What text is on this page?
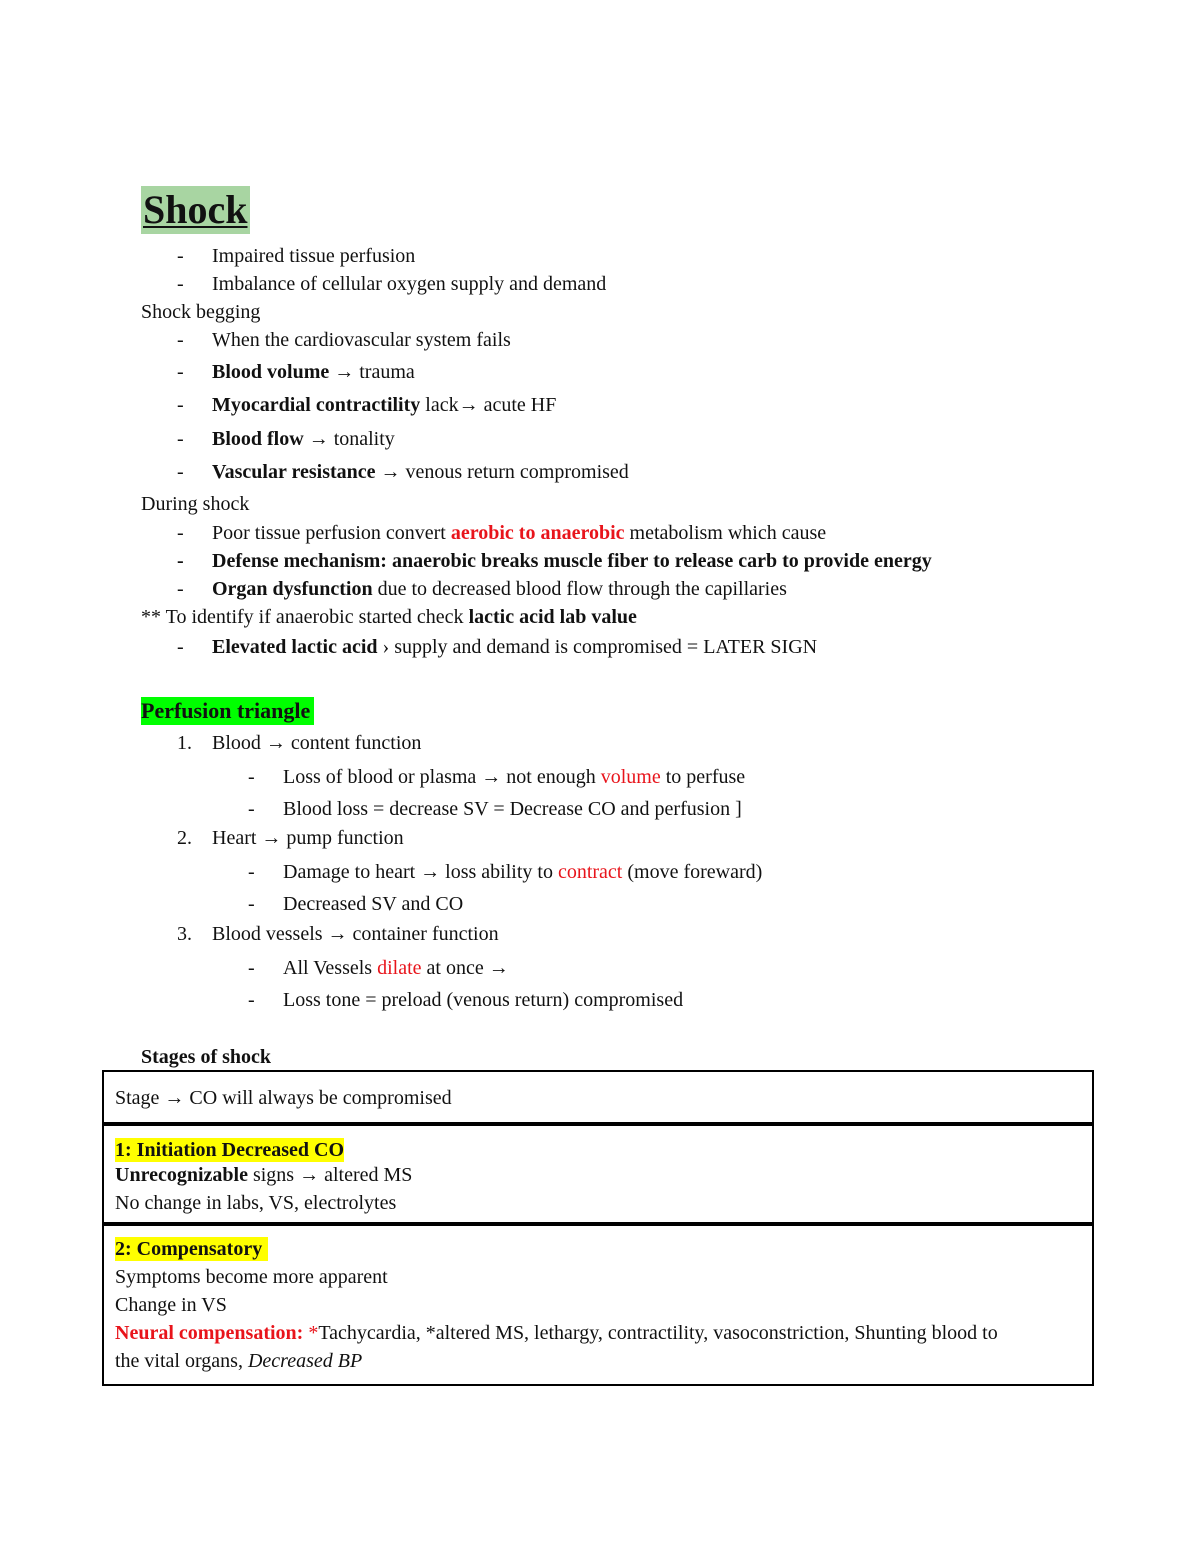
Shock
- Impaired tissue perfusion
- Imbalance of cellular oxygen supply and demand
Shock begging
- When the cardiovascular system fails
- Blood volume → trauma
- Myocardial contractility lack→ acute HF
- Blood flow → tonality
- Vascular resistance → venous return compromised
During shock
- Poor tissue perfusion convert aerobic to anaerobic metabolism which cause
- Defense mechanism: anaerobic breaks muscle fiber to release carb to provide energy
- Organ dysfunction due to decreased blood flow through the capillaries
** To identify if anaerobic started check lactic acid lab value
- Elevated lactic acid › supply and demand is compromised = LATER SIGN
Perfusion triangle
1. Blood → content function
- Loss of blood or plasma → not enough volume to perfuse
- Blood loss = decrease SV = Decrease CO and perfusion ]
2. Heart → pump function
- Damage to heart → loss ability to contract (move foreward)
- Decreased SV and CO
3. Blood vessels → container function
- All Vessels dilate at once →
- Loss tone = preload (venous return) compromised
Stages of shock
Stage → CO will always be compromised
1: Initiation Decreased CO
Unrecognizable signs → altered MS
No change in labs, VS, electrolytes
2: Compensatory
Symptoms become more apparent
Change in VS
Neural compensation: *Tachycardia, *altered MS, lethargy, contractility, vasoconstriction, Shunting blood to
the vital organs, Decreased BP
